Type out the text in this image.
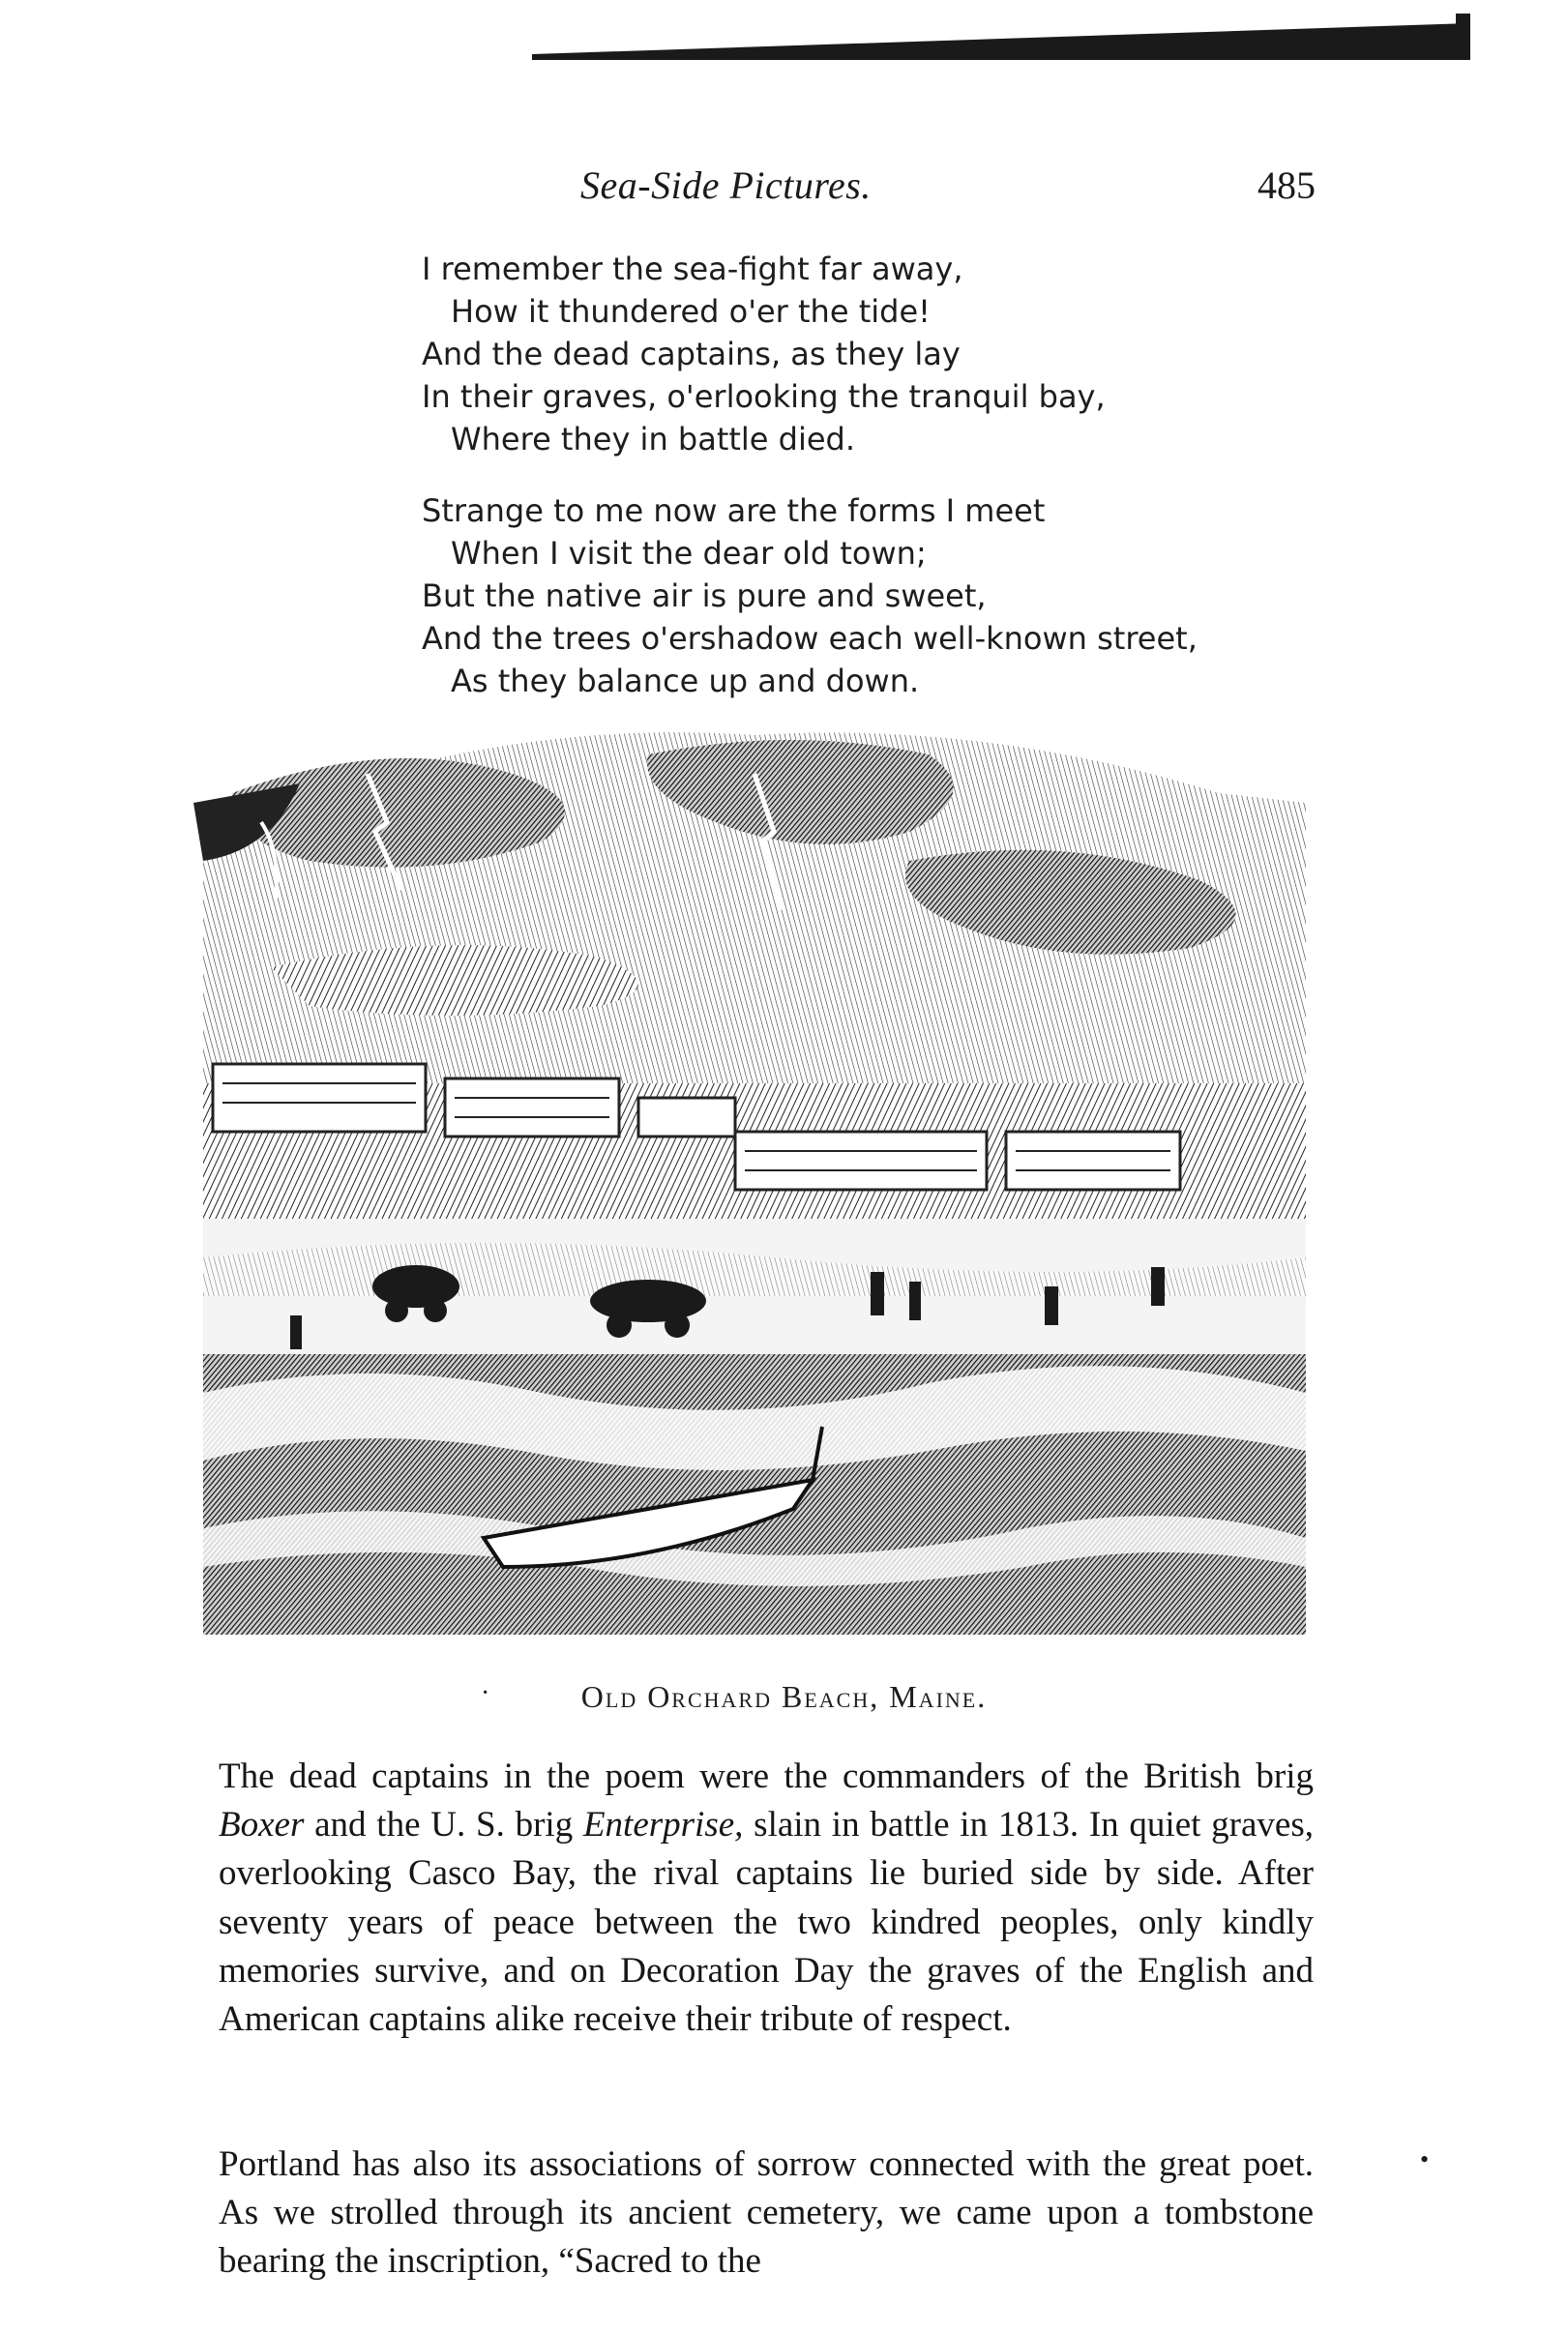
Sea-Side Pictures.	485
I remember the sea-fight far away,
How it thundered o'er the tide!
And the dead captains, as they lay
In their graves, o'erlooking the tranquil bay,
Where they in battle died.
Strange to me now are the forms I meet
When I visit the dear old town;
But the native air is pure and sweet,
And the trees o'ershadow each well-known street,
As they balance up and down.
·	Old Orchard Beach, Maine.

The dead captains in the poem were the commanders of the British brig Boxer and the U. S. brig Enterprise, slain in battle in 1813. In quiet graves, overlooking Casco Bay, the rival captains lie buried side by side. After seventy years of peace between the two kindred peoples, only kindly memories survive, and on Decoration Day the graves of the English and American captains alike receive their tribute of respect.

Portland has also its associations of sorrow connected with the great poet. As we strolled through its ancient cemetery, we came upon a tombstone bearing the inscription, “Sacred to the

•
